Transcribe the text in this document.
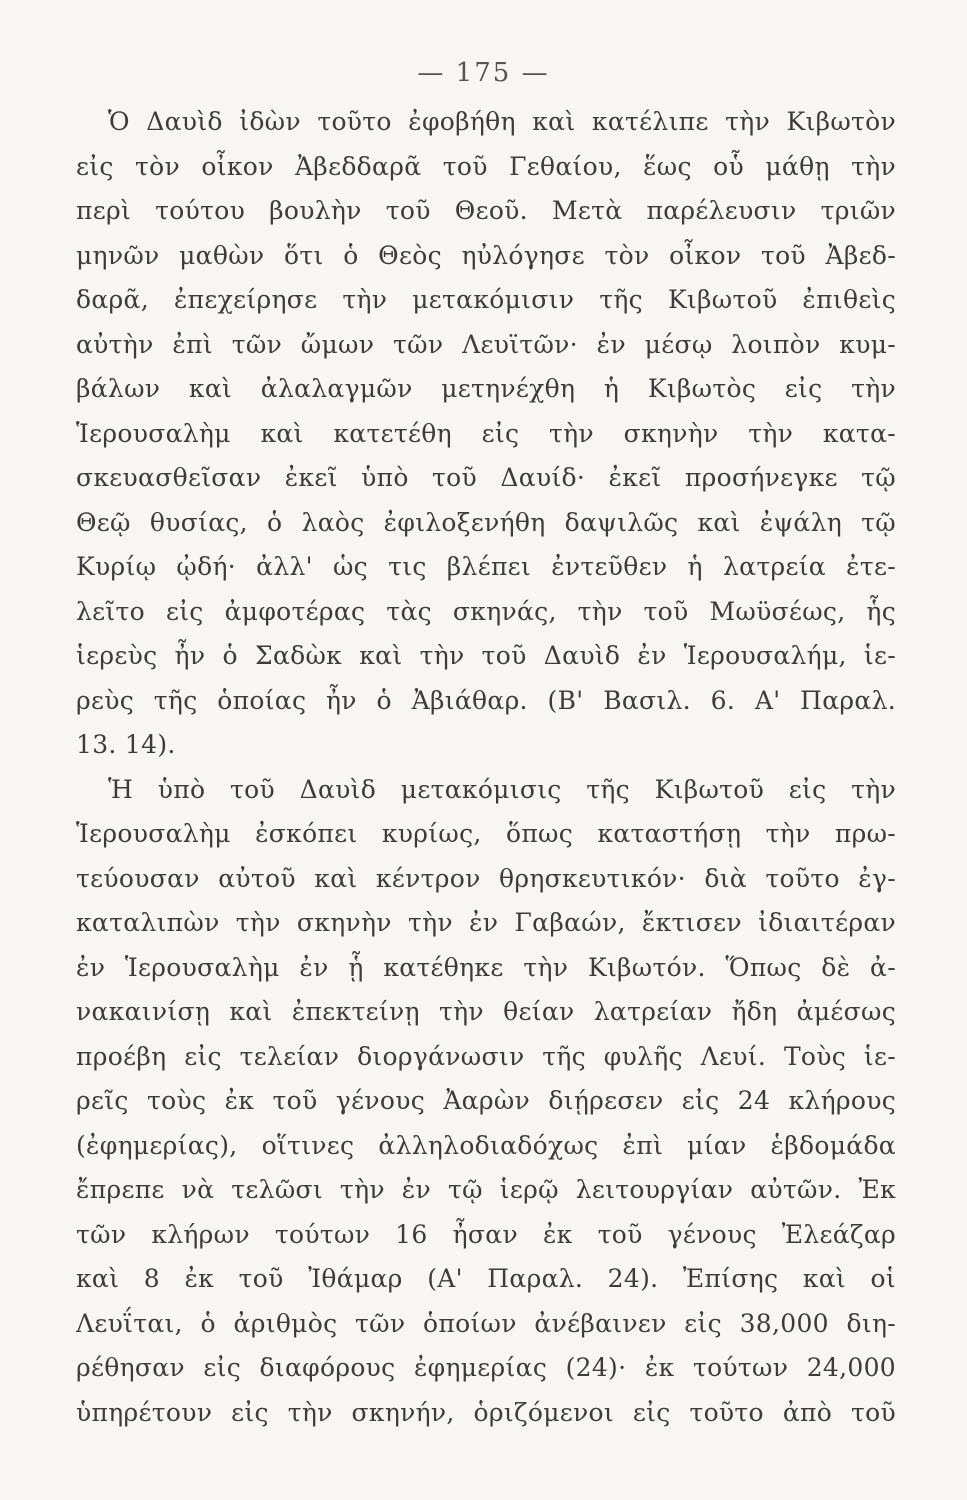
— 175 —
Ὁ Δαυὶδ ἰδὼν τοῦτο ἐφοβήθη καὶ κατέλιπε τὴν Κιβωτὸν
εἰς τὸν οἶκον Ἀβεδδαρᾶ τοῦ Γεθαίου, ἕως οὗ μάθῃ τὴν
περὶ τούτου βουλὴν τοῦ Θεοῦ. Μετὰ παρέλευσιν τριῶν
μηνῶν μαθὼν ὅτι ὁ Θεὸς ηὐλόγησε τὸν οἶκον τοῦ Ἀβεδ-
δαρᾶ, ἐπεχείρησε τὴν μετακόμισιν τῆς Κιβωτοῦ ἐπιθεὶς
αὐτὴν ἐπὶ τῶν ὤμων τῶν Λευϊτῶν· ἐν μέσῳ λοιπὸν κυμ-
βάλων καὶ ἀλαλαγμῶν μετηνέχθη ἡ Κιβωτὸς εἰς τὴν
Ἱερουσαλὴμ καὶ κατετέθη εἰς τὴν σκηνὴν τὴν κατα-
σκευασθεῖσαν ἐκεῖ ὑπὸ τοῦ Δαυίδ· ἐκεῖ προσήνεγκε τῷ
Θεῷ θυσίας, ὁ λαὸς ἐφιλοξενήθη δαψιλῶς καὶ ἐψάλη τῷ
Κυρίῳ ᾠδή· ἀλλ' ὡς τις βλέπει ἐντεῦθεν ἡ λατρεία ἐτε-
λεῖτο εἰς ἀμφοτέρας τὰς σκηνάς, τὴν τοῦ Μωϋσέως, ἧς
ἱερεὺς ἦν ὁ Σαδὼκ καὶ τὴν τοῦ Δαυὶδ ἐν Ἱερουσαλήμ, ἱε-
ρεὺς τῆς ὁποίας ἦν ὁ Ἀβιάθαρ. (Β' Βασιλ. 6. Α' Παραλ.
13. 14).
Ἡ ὑπὸ τοῦ Δαυὶδ μετακόμισις τῆς Κιβωτοῦ εἰς τὴν
Ἱερουσαλὴμ ἐσκόπει κυρίως, ὅπως καταστήσῃ τὴν πρω-
τεύουσαν αὐτοῦ καὶ κέντρον θρησκευτικόν· διὰ τοῦτο ἐγ-
καταλιπὼν τὴν σκηνὴν τὴν ἐν Γαβαών, ἔκτισεν ἰδιαιτέραν
ἐν Ἱερουσαλὴμ ἐν ᾗ κατέθηκε τὴν Κιβωτόν. Ὅπως δὲ ἀ-
νακαινίσῃ καὶ ἐπεκτείνῃ τὴν θείαν λατρείαν ἤδη ἀμέσως
προέβη εἰς τελείαν διοργάνωσιν τῆς φυλῆς Λευί. Τοὺς ἱε-
ρεῖς τοὺς ἐκ τοῦ γένους Ἀαρὼν διῄρεσεν εἰς 24 κλήρους
(ἐφημερίας), οἵτινες ἀλληλοδιαδόχως ἐπὶ μίαν ἑβδομάδα
ἔπρεπε νὰ τελῶσι τὴν ἐν τῷ ἱερῷ λειτουργίαν αὐτῶν. Ἐκ
τῶν κλήρων τούτων 16 ἦσαν ἐκ τοῦ γένους Ἐλεάζαρ
καὶ 8 ἐκ τοῦ Ἰθάμαρ (Α' Παραλ. 24). Ἐπίσης καὶ οἱ
Λευΐται, ὁ ἀριθμὸς τῶν ὁποίων ἀνέβαινεν εἰς 38,000 διη-
ρέθησαν εἰς διαφόρους ἐφημερίας (24)· ἐκ τούτων 24,000
ὑπηρέτουν εἰς τὴν σκηνήν, ὁριζόμενοι εἰς τοῦτο ἀπὸ τοῦ
